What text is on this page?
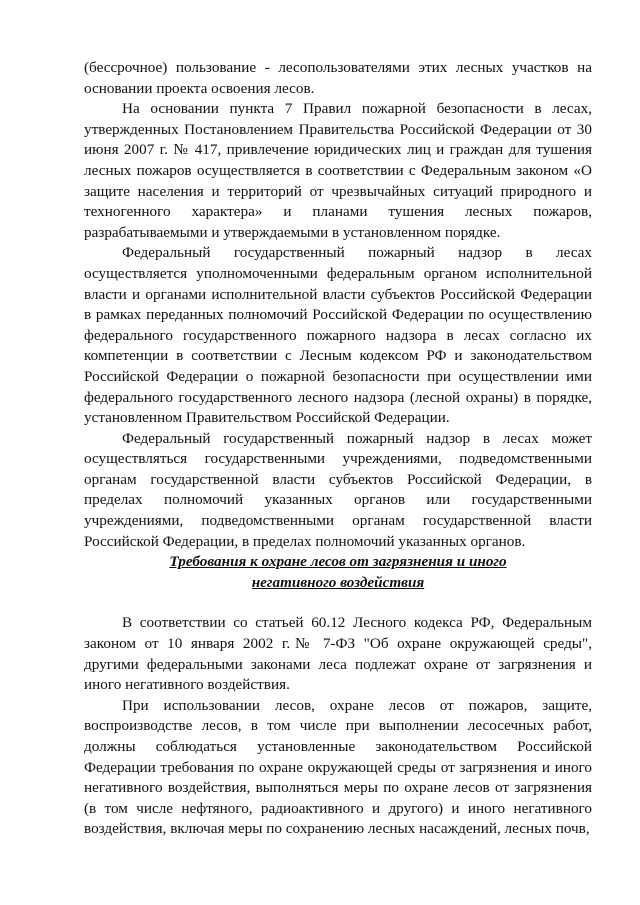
(бессрочное) пользование - лесопользователями этих лесных участков на основании проекта освоения лесов.

На основании пункта 7 Правил пожарной безопасности в лесах, утвержденных Постановлением Правительства Российской Федерации от 30 июня 2007 г. № 417, привлечение юридических лиц и граждан для тушения лесных пожаров осуществляется в соответствии с Федеральным законом «О защите населения и территорий от чрезвычайных ситуаций природного и техногенного характера» и планами тушения лесных пожаров, разрабатываемыми и утверждаемыми в установленном порядке.

Федеральный государственный пожарный надзор в лесах осуществляется уполномоченными федеральным органом исполнительной власти и органами исполнительной власти субъектов Российской Федерации в рамках переданных полномочий Российской Федерации по осуществлению федерального государственного пожарного надзора в лесах согласно их компетенции в соответствии с Лесным кодексом РФ и законодательством Российской Федерации о пожарной безопасности при осуществлении ими федерального государственного лесного надзора (лесной охраны) в порядке, установленном Правительством Российской Федерации.

Федеральный государственный пожарный надзор в лесах может осуществляться государственными учреждениями, подведомственными органам государственной власти субъектов Российской Федерации, в пределах полномочий указанных органов или государственными учреждениями, подведомственными органам государственной власти Российской Федерации, в пределах полномочий указанных органов.

Требования к охране лесов от загрязнения и иного
негативного воздействия

В соответствии со статьей 60.12 Лесного кодекса РФ, Федеральным законом от 10 января 2002 г.№ 7-ФЗ "Об охране окружающей среды", другими федеральными законами леса подлежат охране от загрязнения и иного негативного воздействия.

При использовании лесов, охране лесов от пожаров, защите, воспроизводстве лесов, в том числе при выполнении лесосечных работ, должны соблюдаться установленные законодательством Российской Федерации требования по охране окружающей среды от загрязнения и иного негативного воздействия, выполняться меры по охране лесов от загрязнения (в том числе нефтяного, радиоактивного и другого) и иного негативного воздействия, включая меры по сохранению лесных насаждений, лесных почв,
